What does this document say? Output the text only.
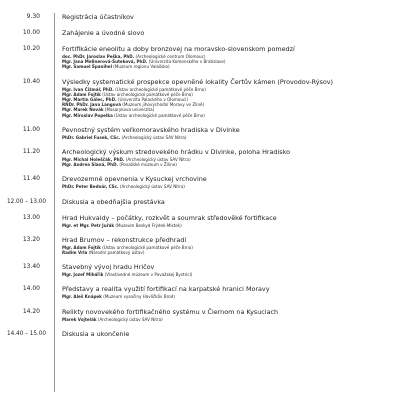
9.30	Registrácia účastníkov
10.00	Zahájenie a úvodné slovo
10.20	Fortifikácie eneolitu a doby bronzovej na moravsko-slovenskom pomedzí
doc. PhDr. Jaroslav Peška, PhD. (Archeologické centrum Olomouc)
Mgr. Jana Mellnerová-Šuteková, PhD. (Univerzita Komenského v Bratislave)
Mgr. Samuel Španihel (Muzeum regionu Valašsko)
10.40	Výsledky systematické prospekce opevněné lokality Čertův kámen (Provodov-Rýsov)
Mgr. Ivan Čižmář, PhD. (Ústav archeologické památkové péče Brno)
Mgr. Adam Fojtík (Ústav archeologické památkové péče Brno)
Mgr. Martin Gálec, PhD. (Univerzita Palackého v Olomouci)
RNDr. PhDr. Jana Langová (Muzeum jihovýchodní Moravy ve Zlíně)
Mgr. Marek Novák (Masarykova univerzita)
Mgr. Miroslav Popelka (Ústav archeologické památkové péče Brno)
11.00	Pevnostný systém veľkomoravského hradiska v Divinke
PhDr. Gabriel Fusek, CSc. (Archeologický ústav SAV Nitra)
11.20	Archeologický výskum stredovekého hrádku v Divinke, poloha Hradisko
Mgr. Michal Holeščák, PhD. (Archeologický ústav SAV Nitra)
Mgr. Andrea Slaná, PhD. (Považské múzeum v Žiline)
11.40	Drevozemné opevnenia v Kysuckej vrchovine
PhDr. Peter Bednár, CSc. (Archeologický ústav SAV Nitra)
12.00 – 13.00	Diskusia a obedňajšia prestávka
13.00	Hrad Hukvaldy – počátky, rozkvět a soumrak středověké fortifikace
Mgr. et Mgr. Petr Juřák (Muzeum Beskyd Frýdek-Místek)
13.20	Hrad Brumov – rekonstrukce předhradí
Mgr. Adam Fojtík (Ústav archeologické památkové péče Brno)
Radim Vrla (Národní památkový ústav)
13.40	Stavebný vývoj hradu Hričov
Mgr. Jozef Miháľik (Vlastivedné múzeum v Považskej Bystrici)
14.00	Představy a realita využití fortifikací na karpatské hranici Moravy
Mgr. Aleš Knápek (Muzeum vysočiny Havlíčkův Brod)
14.20	Relikty novovekého fortifikačného systému v Čiernom na Kysuciach
Marek Vojtelák (Archeologický ústav SAV Nitra)
14.40 – 15.00	Diskusia a ukončenie
